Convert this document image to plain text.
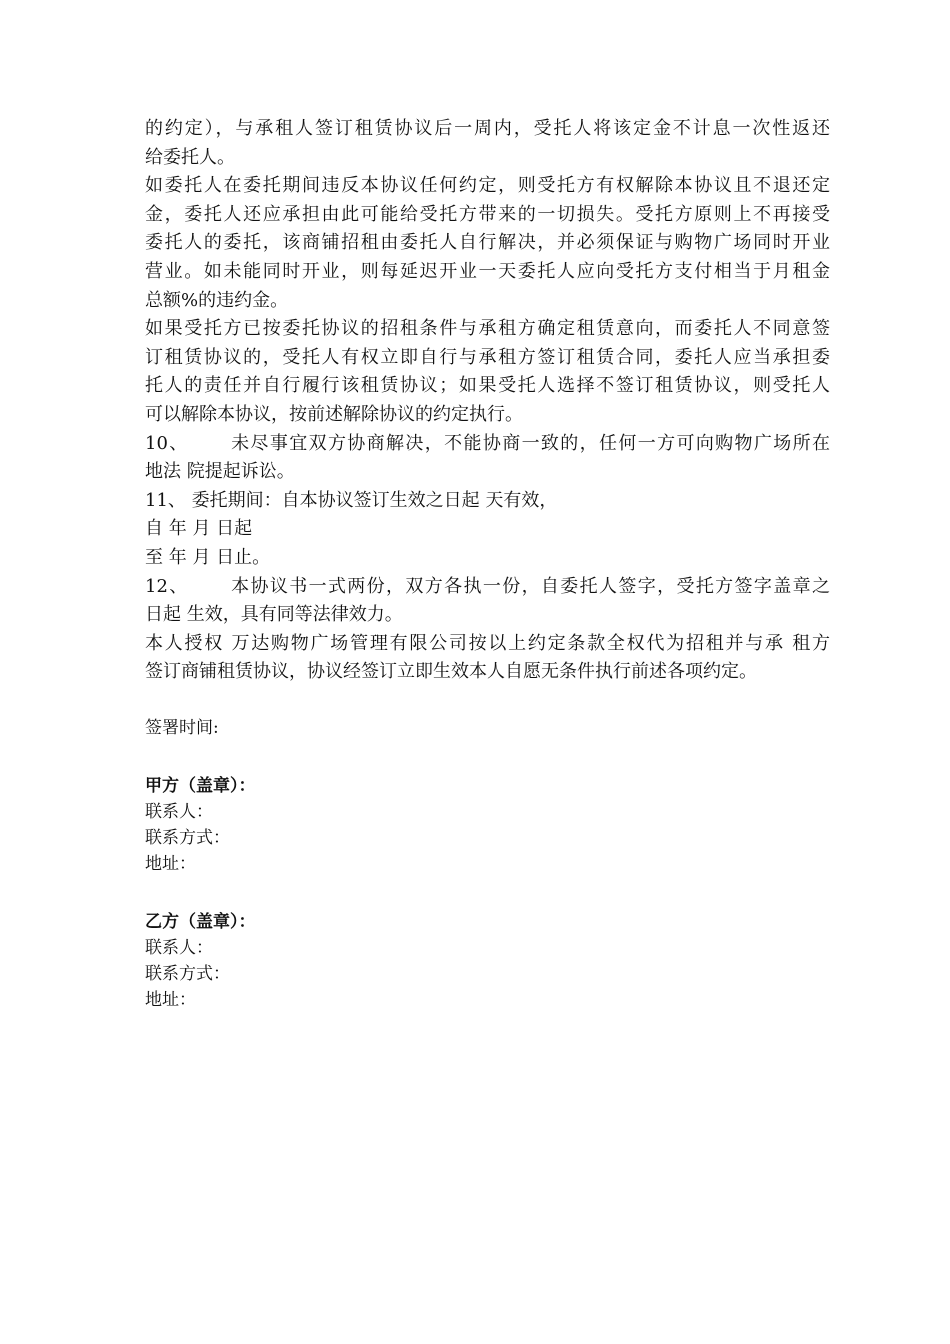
的约定），与承租人签订租赁协议后一周内，受托人将该定金不计息一次性返还
给委托人。
如委托人在委托期间违反本协议任何约定，则受托方有权解除本协议且不退还定
金，委托人还应承担由此可能给受托方带来的一切损失。受托方原则上不再接受
委托人的委托，该商铺招租由委托人自行解决，并必须保证与购物广场同时开业
营业。如未能同时开业，则每延迟开业一天委托人应向受托方支付相当于月租金
总额%的违约金。
如果受托方已按委托协议的招租条件与承租方确定租赁意向，而委托人不同意签
订租赁协议的，受托人有权立即自行与承租方签订租赁合同，委托人应当承担委
托人的责任并自行履行该租赁协议；如果受托人选择不签订租赁协议，则受托人
可以解除本协议，按前述解除协议的约定执行。
10、      未尽事宜双方协商解决，不能协商一致的，任何一方可向购物广场所在
地法 院提起诉讼。
11、 委托期间：自本协议签订生效之日起 天有效，
自 年 月 日起
至 年 月 日止。
12、      本协议书一式两份，双方各执一份，自委托人签字，受托方签字盖章之
日起 生效，具有同等法律效力。
本人授权 万达购物广场管理有限公司按以上约定条款全权代为招租并与承 租方
签订商铺租赁协议，协议经签订立即生效本人自愿无条件执行前述各项约定。
签署时间:
甲方（盖章）：
联系人：
联系方式：
地址：
乙方（盖章）：
联系人：
联系方式：
地址：
